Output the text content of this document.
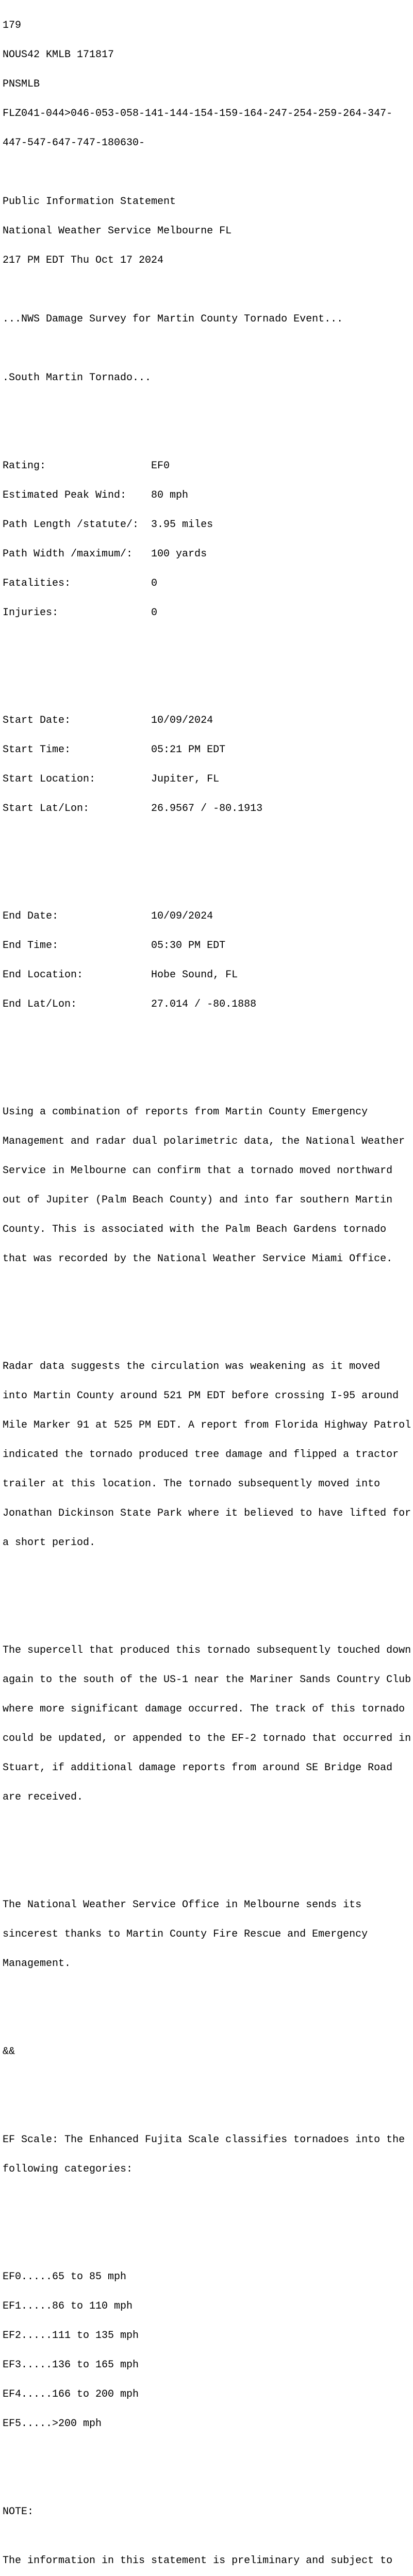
179

NOUS42 KMLB 171817

PNSMLB

FLZ041-044>046-053-058-141-144-154-159-164-247-254-259-264-347-

447-547-647-747-180630-

Public Information Statement

National Weather Service Melbourne FL

217 PM EDT Thu Oct 17 2024

...NWS Damage Survey for Martin County Tornado Event...

.South Martin Tornado...

Rating:                 EF0

Estimated Peak Wind:    80 mph

Path Length /statute/:  3.95 miles

Path Width /maximum/:   100 yards

Fatalities:             0

Injuries:               0

Start Date:             10/09/2024

Start Time:             05:21 PM EDT

Start Location:         Jupiter, FL

Start Lat/Lon:          26.9567 / -80.1913

End Date:               10/09/2024

End Time:               05:30 PM EDT

End Location:           Hobe Sound, FL

End Lat/Lon:            27.014 / -80.1888

Using a combination of reports from Martin County Emergency

Management and radar dual polarimetric data, the National Weather

Service in Melbourne can confirm that a tornado moved northward

out of Jupiter (Palm Beach County) and into far southern Martin

County. This is associated with the Palm Beach Gardens tornado

that was recorded by the National Weather Service Miami Office.

Radar data suggests the circulation was weakening as it moved

into Martin County around 521 PM EDT before crossing I-95 around

Mile Marker 91 at 525 PM EDT. A report from Florida Highway Patrol

indicated the tornado produced tree damage and flipped a tractor

trailer at this location. The tornado subsequently moved into

Jonathan Dickinson State Park where it believed to have lifted for

a short period.

The supercell that produced this tornado subsequently touched down

again to the south of the US-1 near the Mariner Sands Country Club

where more significant damage occurred. The track of this tornado

could be updated, or appended to the EF-2 tornado that occurred in

Stuart, if additional damage reports from around SE Bridge Road

are received.

The National Weather Service Office in Melbourne sends its

sincerest thanks to Martin County Fire Rescue and Emergency

Management.

&&

EF Scale: The Enhanced Fujita Scale classifies tornadoes into the

following categories:

EF0.....65 to 85 mph

EF1.....86 to 110 mph

EF2.....111 to 135 mph

EF3.....136 to 165 mph

EF4.....166 to 200 mph

EF5.....>200 mph

NOTE:

The information in this statement is preliminary and subject to
